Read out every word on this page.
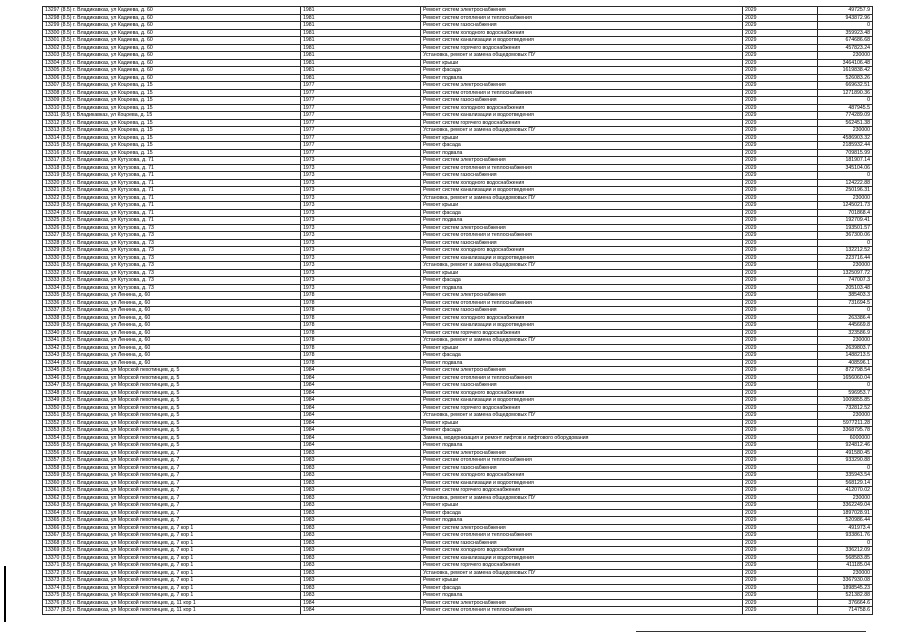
13297 (8.5) г. Владикавказ, ул Кадиева, д. 60	1981	Ремонт систем электроснабжения	2029	497257.9
13298 (8.5) г. Владикавказ, ул Кадиева, д. 60	1981	Ремонт систем отопления и теплоснабжения	2029	943872.96
13299 (8.5) г. Владикавказ, ул Кадиева, д. 60	1981	Ремонт систем газоснабжения	2029	0
13300 (8.5) г. Владикавказ, ул Кадиева, д. 60	1981	Ремонт систем холодного водоснабжения	2029	359923.48
13301 (8.5) г. Владикавказ, ул Кадиева, д. 60	1981	Ремонт систем канализации и водоотведения	2029	674686.68
13302 (8.5) г. Владикавказ, ул Кадиева, д. 60	1981	Ремонт систем горячего водоснабжения	2029	457823.24
13303 (8.5) г. Владикавказ, ул Кадиева, д. 60	1981	Установка, ремонт и замена общедомовых ПУ	2029	230000
13304 (8.5) г. Владикавказ, ул Кадиева, д. 60	1981	Ремонт крыши	2029	3464106.48
13305 (8.5) г. Владикавказ, ул Кадиева, д. 60	1981	Ремонт фасада	2029	1619838.42
13306 (8.5) г. Владикавказ, ул Кадиева, д. 60	1981	Ремонт подвала	2029	526083.26
13307 (8.5) г. Владикавказ, ул Коцоева, д. 15	1977	Ремонт систем электроснабжения	2029	669632.51
13308 (8.5) г. Владикавказ, ул Коцоева, д. 15	1977	Ремонт систем отопления и теплоснабжения	2029	1271890.36
13309 (8.5) г. Владикавказ, ул Коцоева, д. 15	1977	Ремонт систем газоснабжения	2029	0
13310 (8.5) г. Владикавказ, ул Коцоева, д. 15	1977	Ремонт систем холодного водоснабжения	2029	487945.5
13311 (8.5) г. Владикавказ, ул Коцоева, д. 15	1977	Ремонт систем канализации и водоотведения	2029	774289.09
13312 (8.5) г. Владикавказ, ул Коцоева, д. 15	1977	Ремонт систем горячего водоснабжения	2029	562451.38
13313 (8.5) г. Владикавказ, ул Коцоева, д. 15	1977	Установка, ремонт и замена общедомовых ПУ	2029	230000
13314 (8.5) г. Владикавказ, ул Коцоева, д. 15	1977	Ремонт крыши	2029	4586903.32
13315 (8.5) г. Владикавказ, ул Коцоева, д. 15	1977	Ремонт фасада	2029	2185932.44
13316 (8.5) г. Владикавказ, ул Коцоева, д. 15	1977	Ремонт подвала	2029	709815.99
13317 (8.5) г. Владикавказ, ул Кутузова, д. 71	1973	Ремонт систем электроснабжения	2029	181907.14
13318 (8.5) г. Владикавказ, ул Кутузова, д. 71	1973	Ремонт систем отопления и теплоснабжения	2029	345104.06
13319 (8.5) г. Владикавказ, ул Кутузова, д. 71	1973	Ремонт систем газоснабжения	2029	0
13320 (8.5) г. Владикавказ, ул Кутузова, д. 71	1973	Ремонт систем холодного водоснабжения	2029	124222.88
13321 (8.5) г. Владикавказ, ул Кутузова, д. 71	1973	Ремонт систем канализации и водоотведения	2029	250196.31
13322 (8.5) г. Владикавказ, ул Кутузова, д. 71	1973	Установка, ремонт и замена общедомовых ПУ	2029	230000
13323 (8.5) г. Владикавказ, ул Кутузова, д. 71	1973	Ремонт крыши	2029	1245021.73
13324 (8.5) г. Владикавказ, ул Кутузова, д. 71	1973	Ремонт фасада	2029	701868.4
13325 (8.5) г. Владикавказ, ул Кутузова, д. 71	1973	Ремонт подвала	2029	192709.41
13326 (8.5) г. Владикавказ, ул Кутузова, д. 73	1973	Ремонт систем электроснабжения	2029	193501.57
13327 (8.5) г. Владикавказ, ул Кутузова, д. 73	1973	Ремонт систем отопления и теплоснабжения	2029	367300.06
13328 (8.5) г. Владикавказ, ул Кутузова, д. 73	1973	Ремонт систем газоснабжения	2029	0
13329 (8.5) г. Владикавказ, ул Кутузова, д. 73	1973	Ремонт систем холодного водоснабжения	2029	132212.52
13330 (8.5) г. Владикавказ, ул Кутузова, д. 73	1973	Ремонт систем канализации и водоотведения	2029	223716.44
13331 (8.5) г. Владикавказ, ул Кутузова, д. 73	1973	Установка, ремонт и замена общедомовых ПУ	2029	230000
13332 (8.5) г. Владикавказ, ул Кутузова, д. 73	1973	Ремонт крыши	2029	1325097.72
13333 (8.5) г. Владикавказ, ул Кутузова, д. 73	1973	Ремонт фасада	2029	747007.3
13334 (8.5) г. Владикавказ, ул Кутузова, д. 73	1973	Ремонт подвала	2029	205103.48
13335 (8.5) г. Владикавказ, ул Ленина, д. 60	1978	Ремонт систем электроснабжения	2029	385403.3
13336 (8.5) г. Владикавказ, ул Ленина, д. 60	1978	Ремонт систем отопления и теплоснабжения	2029	731694.5
13337 (8.5) г. Владикавказ, ул Ленина, д. 60	1978	Ремонт систем газоснабжения	2029	0
13338 (8.5) г. Владикавказ, ул Ленина, д. 60	1978	Ремонт систем холодного водоснабжения	2029	263386.4
13339 (8.5) г. Владикавказ, ул Ленина, д. 60	1978	Ремонт систем канализации и водоотведения	2029	445669.8
13340 (8.5) г. Владикавказ, ул Ленина, д. 60	1978	Ремонт систем горячего водоснабжения	2029	323586.9
13341 (8.5) г. Владикавказ, ул Ленина, д. 60	1978	Установка, ремонт и замена общедомовых ПУ	2029	230000
13342 (8.5) г. Владикавказ, ул Ленина, д. 60	1978	Ремонт крыши	2029	2639803.7
13343 (8.5) г. Владикавказ, ул Ленина, д. 60	1978	Ремонт фасада	2029	1488213.5
13344 (8.5) г. Владикавказ, ул Ленина, д. 60	1978	Ремонт подвала	2029	408596.1
13345 (8.5) г. Владикавказ, ул Морской пехотинцев, д. 5	1984	Ремонт систем электроснабжения	2029	872798.54
13346 (8.5) г. Владикавказ, ул Морской пехотинцев, д. 5	1984	Ремонт систем отопления и теплоснабжения	2029	1656060.04
13347 (8.5) г. Владикавказ, ул Морской пехотинцев, д. 5	1984	Ремонт систем газоснабжения	2029	0
13348 (8.5) г. Владикавказ, ул Морской пехотинцев, д. 5	1984	Ремонт систем холодного водоснабжения	2029	596953.7
13349 (8.5) г. Владикавказ, ул Морской пехотинцев, д. 5	1984	Ремонт систем канализации и водоотведения	2029	1009855.85
13350 (8.5) г. Владикавказ, ул Морской пехотинцев, д. 5	1984	Ремонт систем горячего водоснабжения	2029	732812.52
13351 (8.5) г. Владикавказ, ул Морской пехотинцев, д. 5	1984	Установка, ремонт и замена общедомовых ПУ	2029	230000
13352 (8.5) г. Владикавказ, ул Морской пехотинцев, д. 5	1984	Ремонт крыши	2029	5977211.28
13353 (8.5) г. Владикавказ, ул Морской пехотинцев, д. 5	1984	Ремонт фасада	2029	3368795.78
13354 (8.5) г. Владикавказ, ул Морской пехотинцев, д. 5	1984	Замена, модернизация и ремонт лифтов и лифтового оборудования	2029	6000000
13355 (8.5) г. Владикавказ, ул Морской пехотинцев, д. 5	1984	Ремонт подвала	2029	924812.46
13356 (8.5) г. Владикавказ, ул Морской пехотинцев, д. 7	1983	Ремонт систем электроснабжения	2029	491580.45
13357 (8.5) г. Владикавказ, ул Морской пехотинцев, д. 7	1983	Ремонт систем отопления и теплоснабжения	2029	933290.88
13358 (8.5) г. Владикавказ, ул Морской пехотинцев, д. 7	1983	Ремонт систем газоснабжения	2029	0
13359 (8.5) г. Владикавказ, ул Морской пехотинцев, д. 7	1983	Ремонт систем холодного водоснабжения	2029	335943.54
13360 (8.5) г. Владикавказ, ул Морской пехотинцев, д. 7	1983	Ремонт систем канализации и водоотведения	2029	568129.14
13361 (8.5) г. Владикавказ, ул Морской пехотинцев, д. 7	1983	Ремонт систем горячего водоснабжения	2029	412070.02
13362 (8.5) г. Владикавказ, ул Морской пехотинцев, д. 7	1983	Установка, ремонт и замена общедомовых ПУ	2029	230000
13363 (8.5) г. Владикавказ, ул Морской пехотинцев, д. 7	1983	Ремонт крыши	2029	3362249.04
13364 (8.5) г. Владикавказ, ул Морской пехотинцев, д. 7	1983	Ремонт фасада	2029	1897028.91
13365 (8.5) г. Владикавказ, ул Морской пехотинцев, д. 7	1983	Ремонт подвала	2029	520986.44
13366 (8.5) г. Владикавказ, ул Морской пехотинцев, д. 7 кор 1	1983	Ремонт систем электроснабжения	2029	491973.4
13367 (8.5) г. Владикавказ, ул Морской пехотинцев, д. 7 кор 1	1983	Ремонт систем отопления и теплоснабжения	2029	933861.76
13368 (8.5) г. Владикавказ, ул Морской пехотинцев, д. 7 кор 1	1983	Ремонт систем газоснабжения	2029	0
13369 (8.5) г. Владикавказ, ул Морской пехотинцев, д. 7 кор 1	1983	Ремонт систем холодного водоснабжения	2029	336212.09
13370 (8.5) г. Владикавказ, ул Морской пехотинцев, д. 7 кор 1	1983	Ремонт систем канализации и водоотведения	2029	568583.85
13371 (8.5) г. Владикавказ, ул Морской пехотинцев, д. 7 кор 1	1983	Ремонт систем горячего водоснабжения	2029	411185.04
13372 (8.5) г. Владикавказ, ул Морской пехотинцев, д. 7 кор 1	1983	Установка, ремонт и замена общедомовых ПУ	2029	230000
13373 (8.5) г. Владикавказ, ул Морской пехотинцев, д. 7 кор 1	1983	Ремонт крыши	2029	3367930.08
13374 (8.5) г. Владикавказ, ул Морской пехотинцев, д. 7 кор 1	1983	Ремонт фасада	2029	1898545.23
13375 (8.5) г. Владикавказ, ул Морской пехотинцев, д. 7 кор 1	1983	Ремонт подвала	2029	521382.88
13376 (8.5) г. Владикавказ, ул Морской пехотинцев, д. 11 кор 1	1984	Ремонт систем электроснабжения	2029	376664.6
13377 (8.5) г. Владикавказ, ул Морской пехотинцев, д. 11 кор 1	1984	Ремонт систем отопления и теплоснабжения	2029	714758.6
